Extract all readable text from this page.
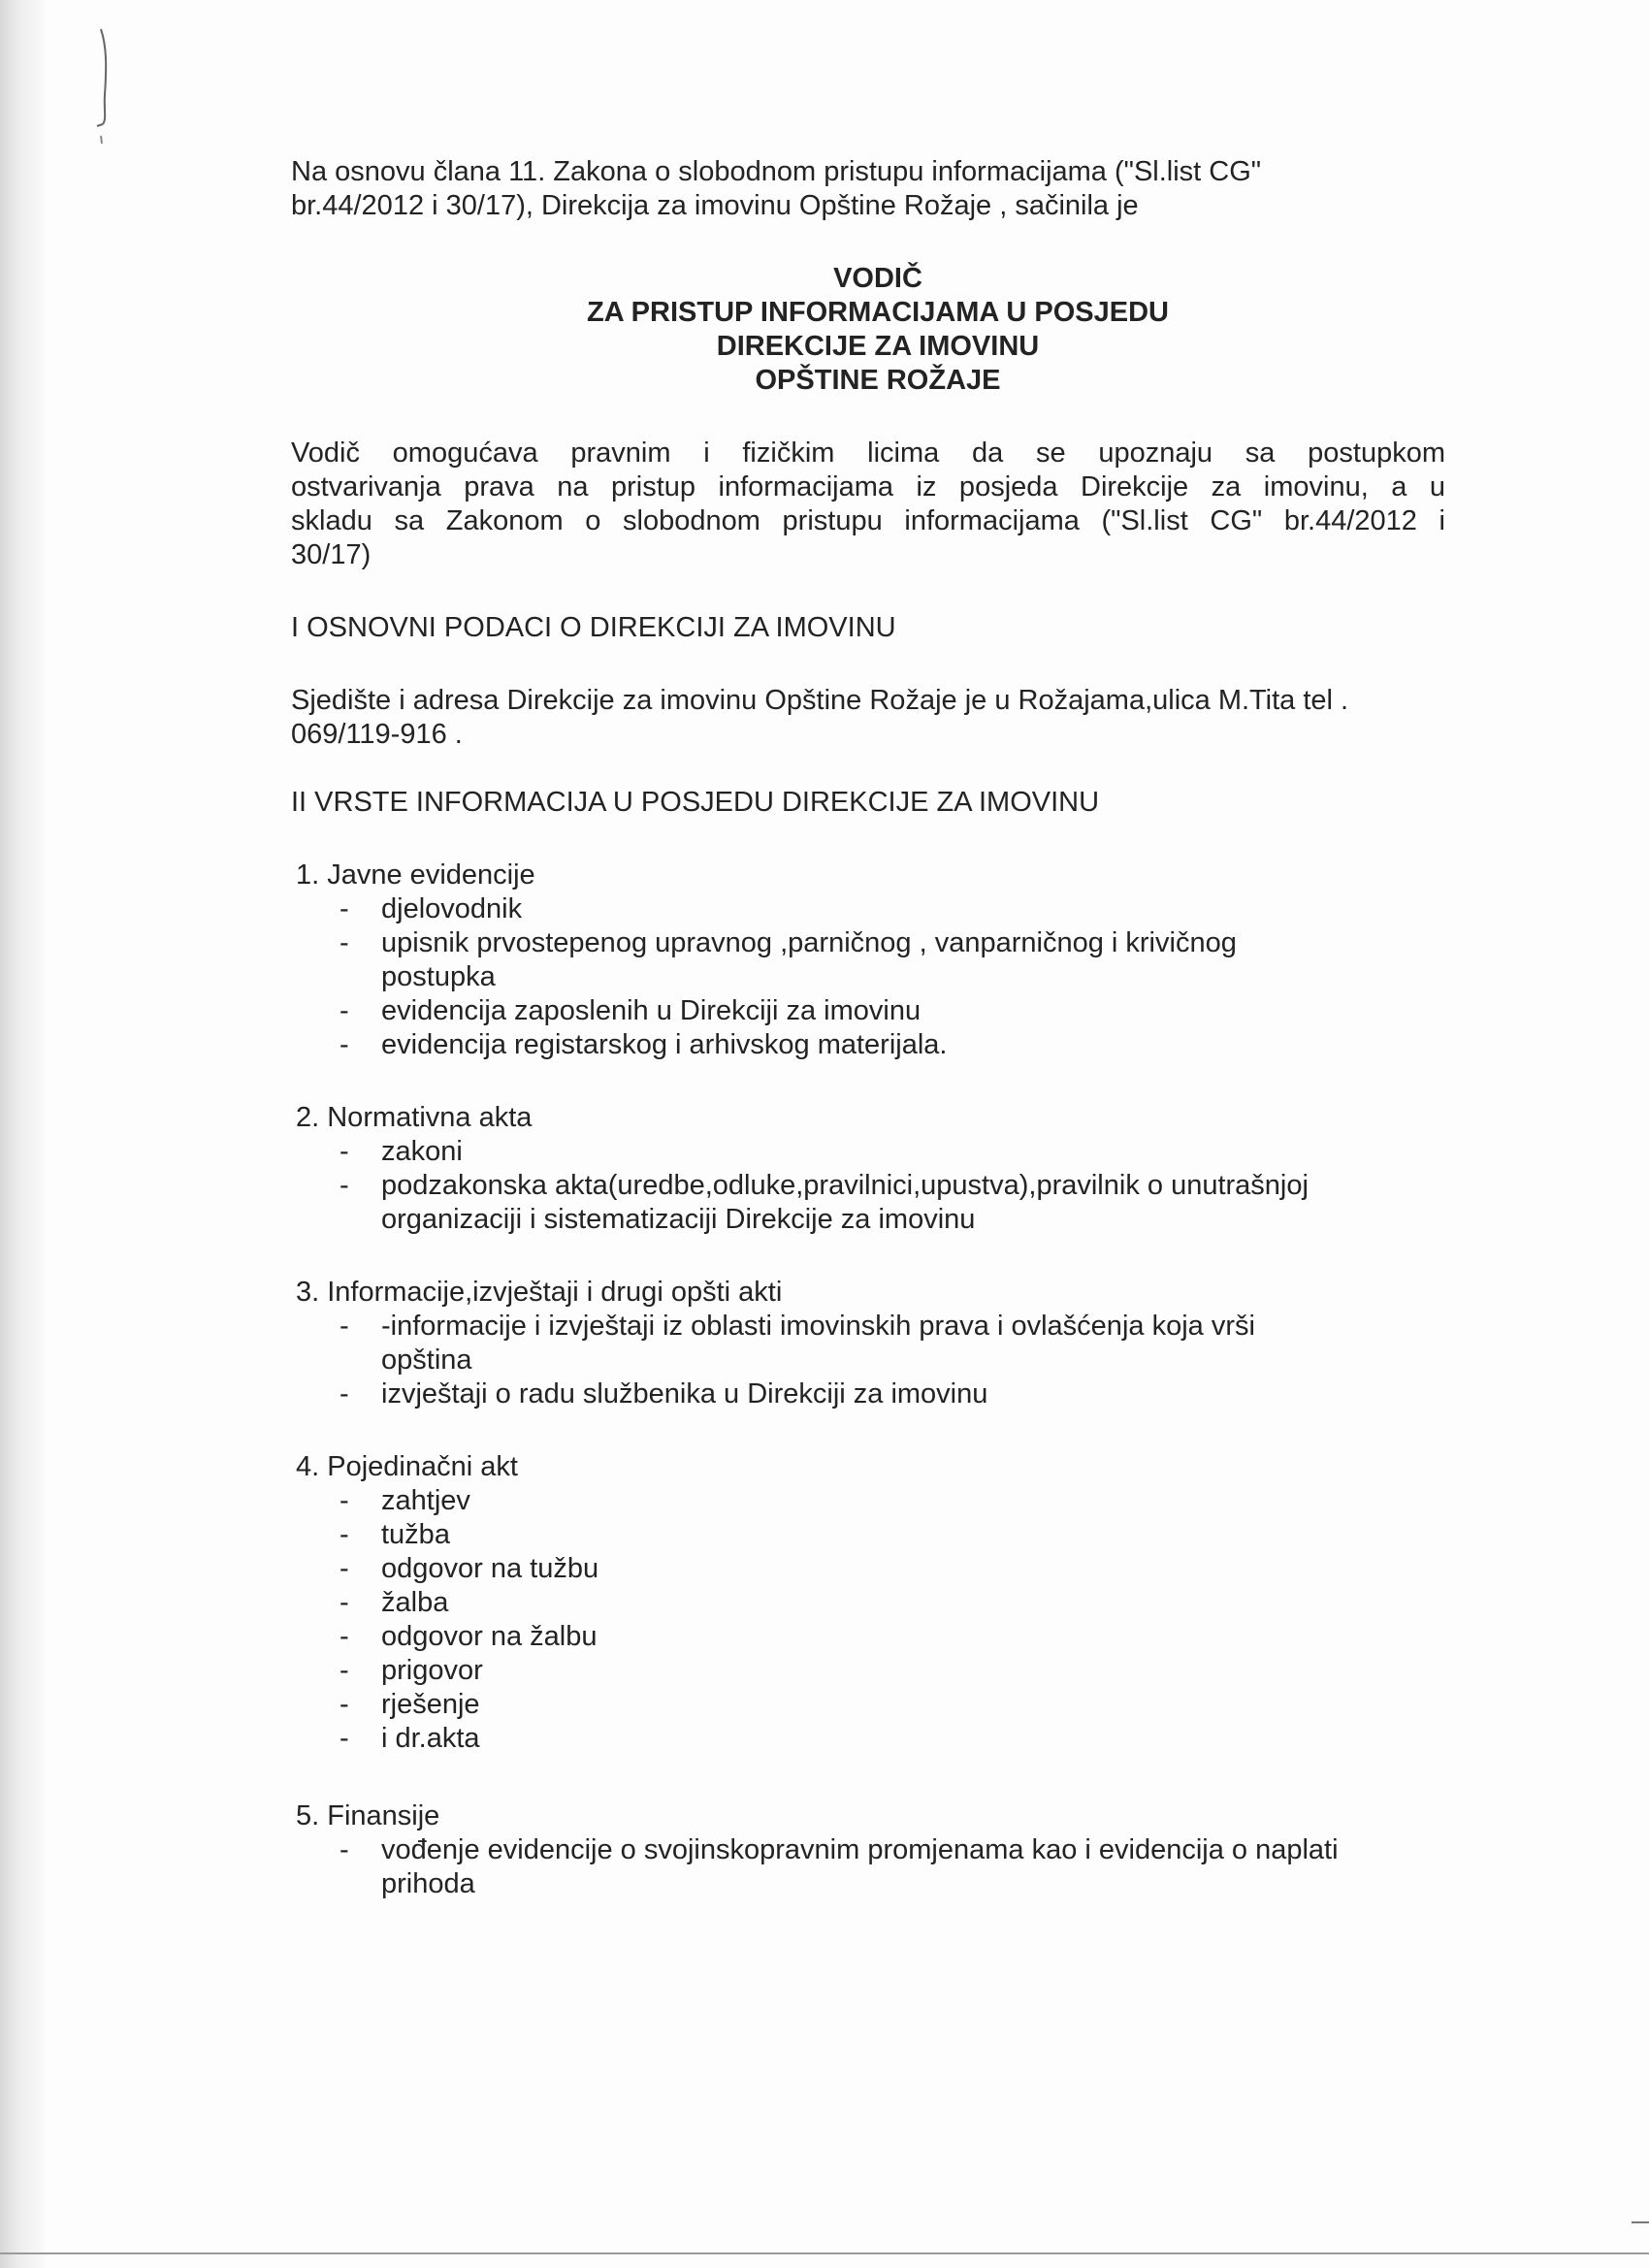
Na osnovu člana 11. Zakona o slobodnom pristupu informacijama ("Sl.list CG"
br.44/2012 i 30/17), Direkcija za imovinu Opštine Rožaje , sačinila je
VODIČ
ZA PRISTUP INFORMACIJAMA U POSJEDU
DIREKCIJE ZA IMOVINU
OPŠTINE ROŽAJE
Vodič omogućava pravnim i fizičkim licima da se upoznaju sa postupkom
ostvarivanja prava na pristup informacijama iz posjeda Direkcije za imovinu, a u
skladu sa Zakonom o slobodnom pristupu informacijama ("Sl.list CG" br.44/2012 i
30/17)
I OSNOVNI PODACI O DIREKCIJI ZA IMOVINU
Sjedište i adresa Direkcije za imovinu Opštine Rožaje je u Rožajama,ulica M.Tita tel .
069/119-916 .
II VRSTE INFORMACIJA U POSJEDU DIREKCIJE ZA IMOVINU
1. Javne evidencije
- djelovodnik
- upisnik prvostepenog upravnog ,parničnog , vanparničnog i krivičnog
postupka
- evidencija zaposlenih u Direkciji za imovinu
- evidencija registarskog i arhivskog materijala.
2. Normativna akta
- zakoni
- podzakonska akta(uredbe,odluke,pravilnici,upustva),pravilnik o unutrašnjoj
organizaciji i sistematizaciji Direkcije za imovinu
3. Informacije,izvještaji i drugi opšti akti
- -informacije i izvještaji iz oblasti imovinskih prava i ovlašćenja koja vrši
opština
- izvještaji o radu službenika u Direkciji za imovinu
4. Pojedinačni akt
- zahtjev
- tužba
- odgovor na tužbu
- žalba
- odgovor na žalbu
- prigovor
- rješenje
- i dr.akta
5. Finansije
- vođenje evidencije o svojinskopravnim promjenama kao i evidencija o naplati
prihoda
